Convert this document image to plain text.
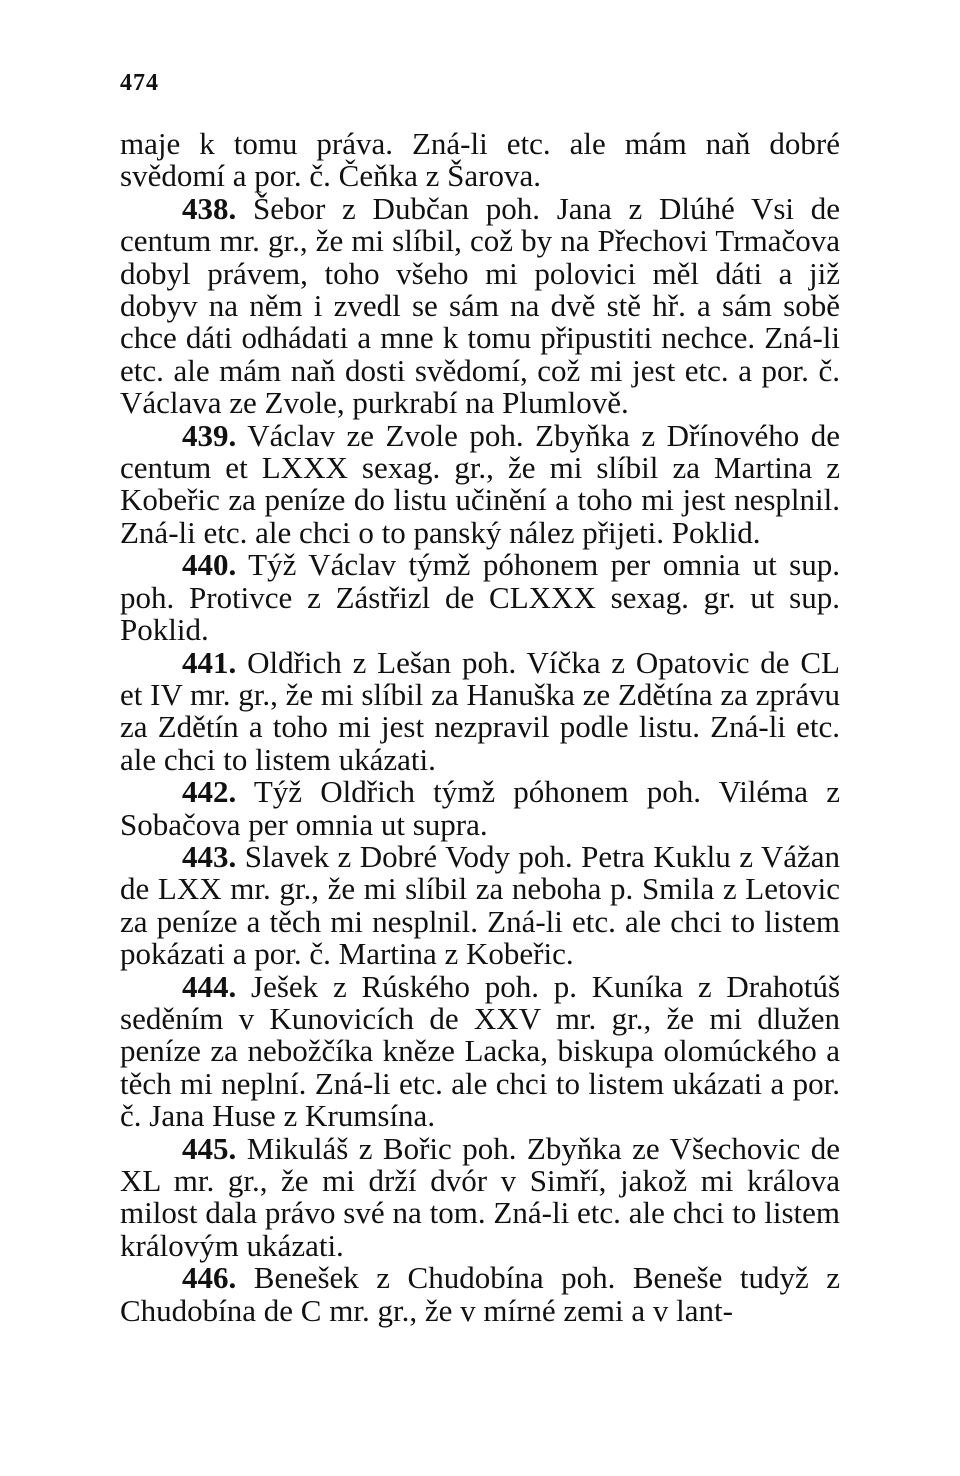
474

maje k tomu práva. Zná-li etc. ale mám naň dobré svědomí a por. č. Čeňka z Šarova.

438. Šebor z Dubčan poh. Jana z Dlúhé Vsi de centum mr. gr., že mi slíbil, což by na Přechovi Trmačova dobyl právem, toho všeho mi polovici měl dáti a již dobyv na něm i zvedl se sám na dvě stě hř. a sám sobě chce dáti odhádati a mne k tomu připustiti nechce. Zná-li etc. ale mám naň dosti svědomí, což mi jest etc. a por. č. Václava ze Zvole, purkrabí na Plumlově.

439. Václav ze Zvole poh. Zbyňka z Dřínového de centum et LXXX sexag. gr., že mi slíbil za Martina z Kobeřic za peníze do listu učinění a toho mi jest nesplnil. Zná-li etc. ale chci o to panský nález přijeti. Poklid.

440. Týž Václav týmž póhonem per omnia ut sup. poh. Protivce z Zástřizl de CLXXX sexag. gr. ut sup. Poklid.

441. Oldřich z Lešan poh. Víčka z Opatovic de CL et IV mr. gr., že mi slíbil za Hanuška ze Zdětína za zprávu za Zdětín a toho mi jest nezpravil podle listu. Zná-li etc. ale chci to listem ukázati.

442. Týž Oldřich týmž póhonem poh. Viléma z Sobačova per omnia ut supra.

443. Slavek z Dobré Vody poh. Petra Kuklu z Vážan de LXX mr. gr., že mi slíbil za neboha p. Smila z Letovic za peníze a těch mi nesplnil. Zná-li etc. ale chci to listem pokázati a por. č. Martina z Kobeřic.

444. Ješek z Rúského poh. p. Kuníka z Drahotúš seděním v Kunovicích de XXV mr. gr., že mi dlužen peníze za nebožčíka kněze Lacka, biskupa olomúckého a těch mi neplní. Zná-li etc. ale chci to listem ukázati a por. č. Jana Huse z Krumsína.

445. Mikuláš z Bořic poh. Zbyňka ze Všechovic de XL mr. gr., že mi drží dvór v Simří, jakož mi králova milost dala právo své na tom. Zná-li etc. ale chci to listem královým ukázati.

446. Benešek z Chudobína poh. Beneše tudyž z Chudobína de C mr. gr., že v mírné zemi a v lant-
